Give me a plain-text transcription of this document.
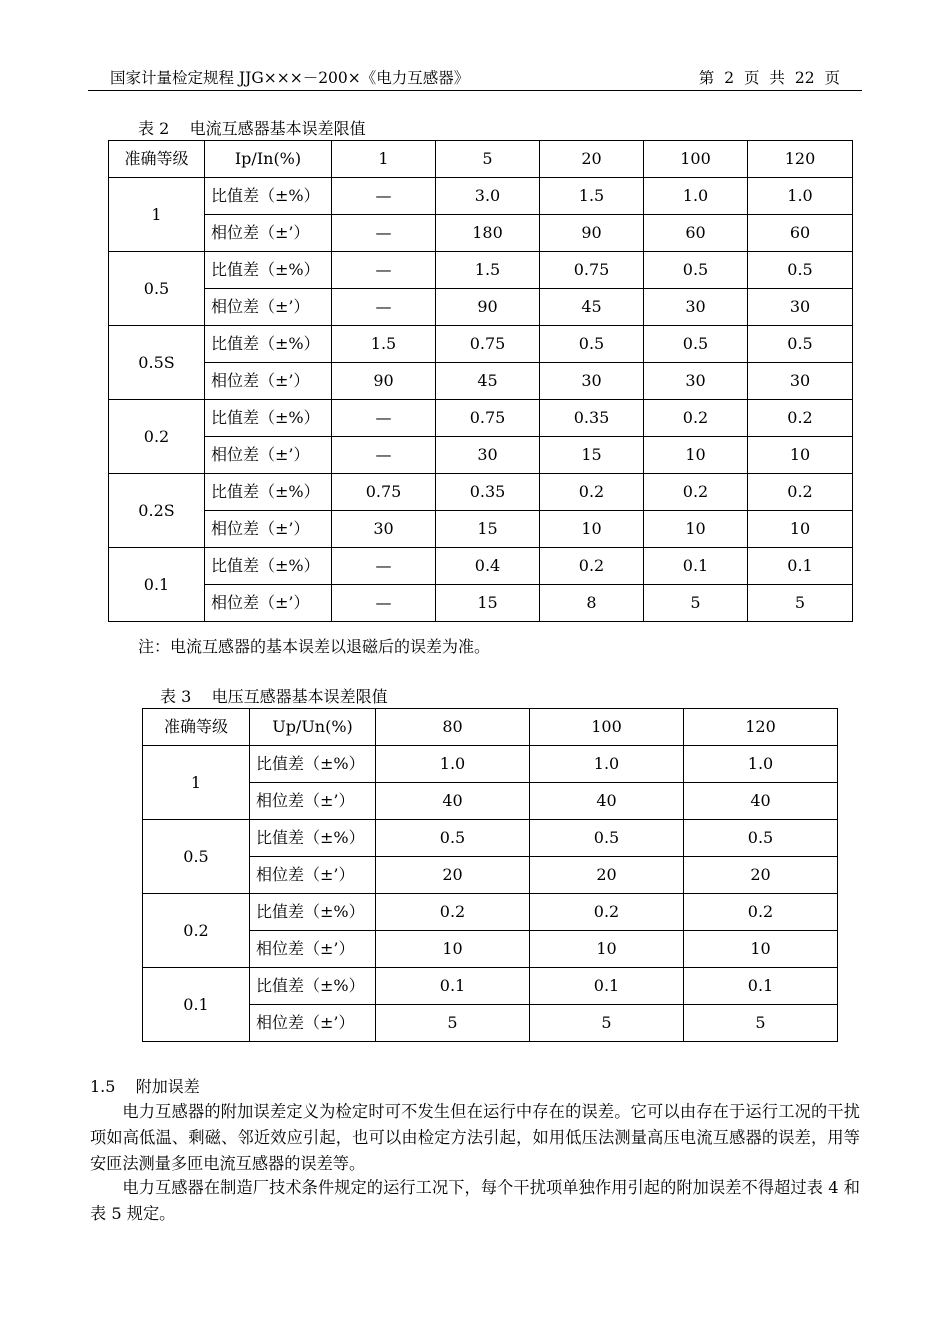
国家计量检定规程 JJG×××－200×《电力互感器》	第 2 页 共 22 页
表 2    电流互感器基本误差限值
准确等级	Ip/In(%)	1	5	20	100	120
1	比值差（±%）	—	3.0	1.5	1.0	1.0
	相位差（±’）	—	180	90	60	60
0.5	比值差（±%）	—	1.5	0.75	0.5	0.5
	相位差（±’）	—	90	45	30	30
0.5S	比值差（±%）	1.5	0.75	0.5	0.5	0.5
	相位差（±’）	90	45	30	30	30
0.2	比值差（±%）	—	0.75	0.35	0.2	0.2
	相位差（±’）	—	30	15	10	10
0.2S	比值差（±%）	0.75	0.35	0.2	0.2	0.2
	相位差（±’）	30	15	10	10	10
0.1	比值差（±%）	—	0.4	0.2	0.1	0.1
	相位差（±’）	—	15	8	5	5
注：电流互感器的基本误差以退磁后的误差为准。
表 3    电压互感器基本误差限值
准确等级	Up/Un(%)	80	100	120
1	比值差（±%）	1.0	1.0	1.0
	相位差（±’）	40	40	40
0.5	比值差（±%）	0.5	0.5	0.5
	相位差（±’）	20	20	20
0.2	比值差（±%）	0.2	0.2	0.2
	相位差（±’）	10	10	10
0.1	比值差（±%）	0.1	0.1	0.1
	相位差（±’）	5	5	5
1.5    附加误差

电力互感器的附加误差定义为检定时可不发生但在运行中存在的误差。它可以由存在于运行工况的干扰项如高低温、剩磁、邻近效应引起，也可以由检定方法引起，如用低压法测量高压电流互感器的误差，用等安匝法测量多匝电流互感器的误差等。

电力互感器在制造厂技术条件规定的运行工况下，每个干扰项单独作用引起的附加误差不得超过表 4 和表 5 规定。
